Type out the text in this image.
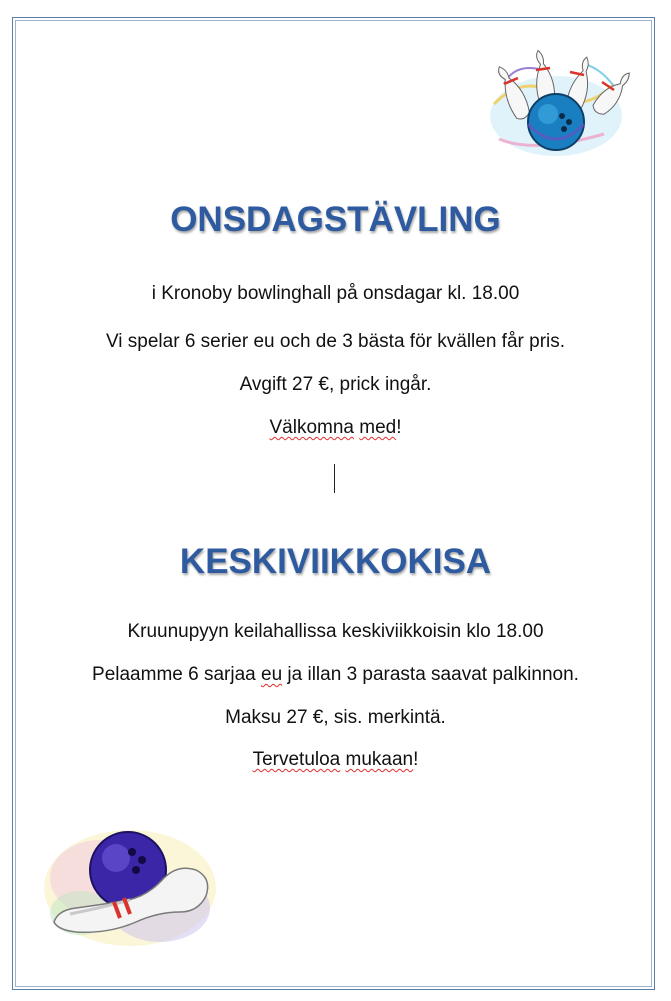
ONSDAGSTÄVLING
i Kronoby bowlinghall på onsdagar kl. 18.00
Vi spelar 6 serier eu och de 3 bästa för kvällen får pris.
Avgift 27 €, prick ingår.
Välkomna med!
KESKIVIIKKOKISA
Kruunupyyn keilahallissa keskiviikkoisin klo 18.00
Pelaamme 6 sarjaa eu ja illan 3 parasta saavat palkinnon.
Maksu 27 €, sis. merkintä.
Tervetuloa mukaan!
